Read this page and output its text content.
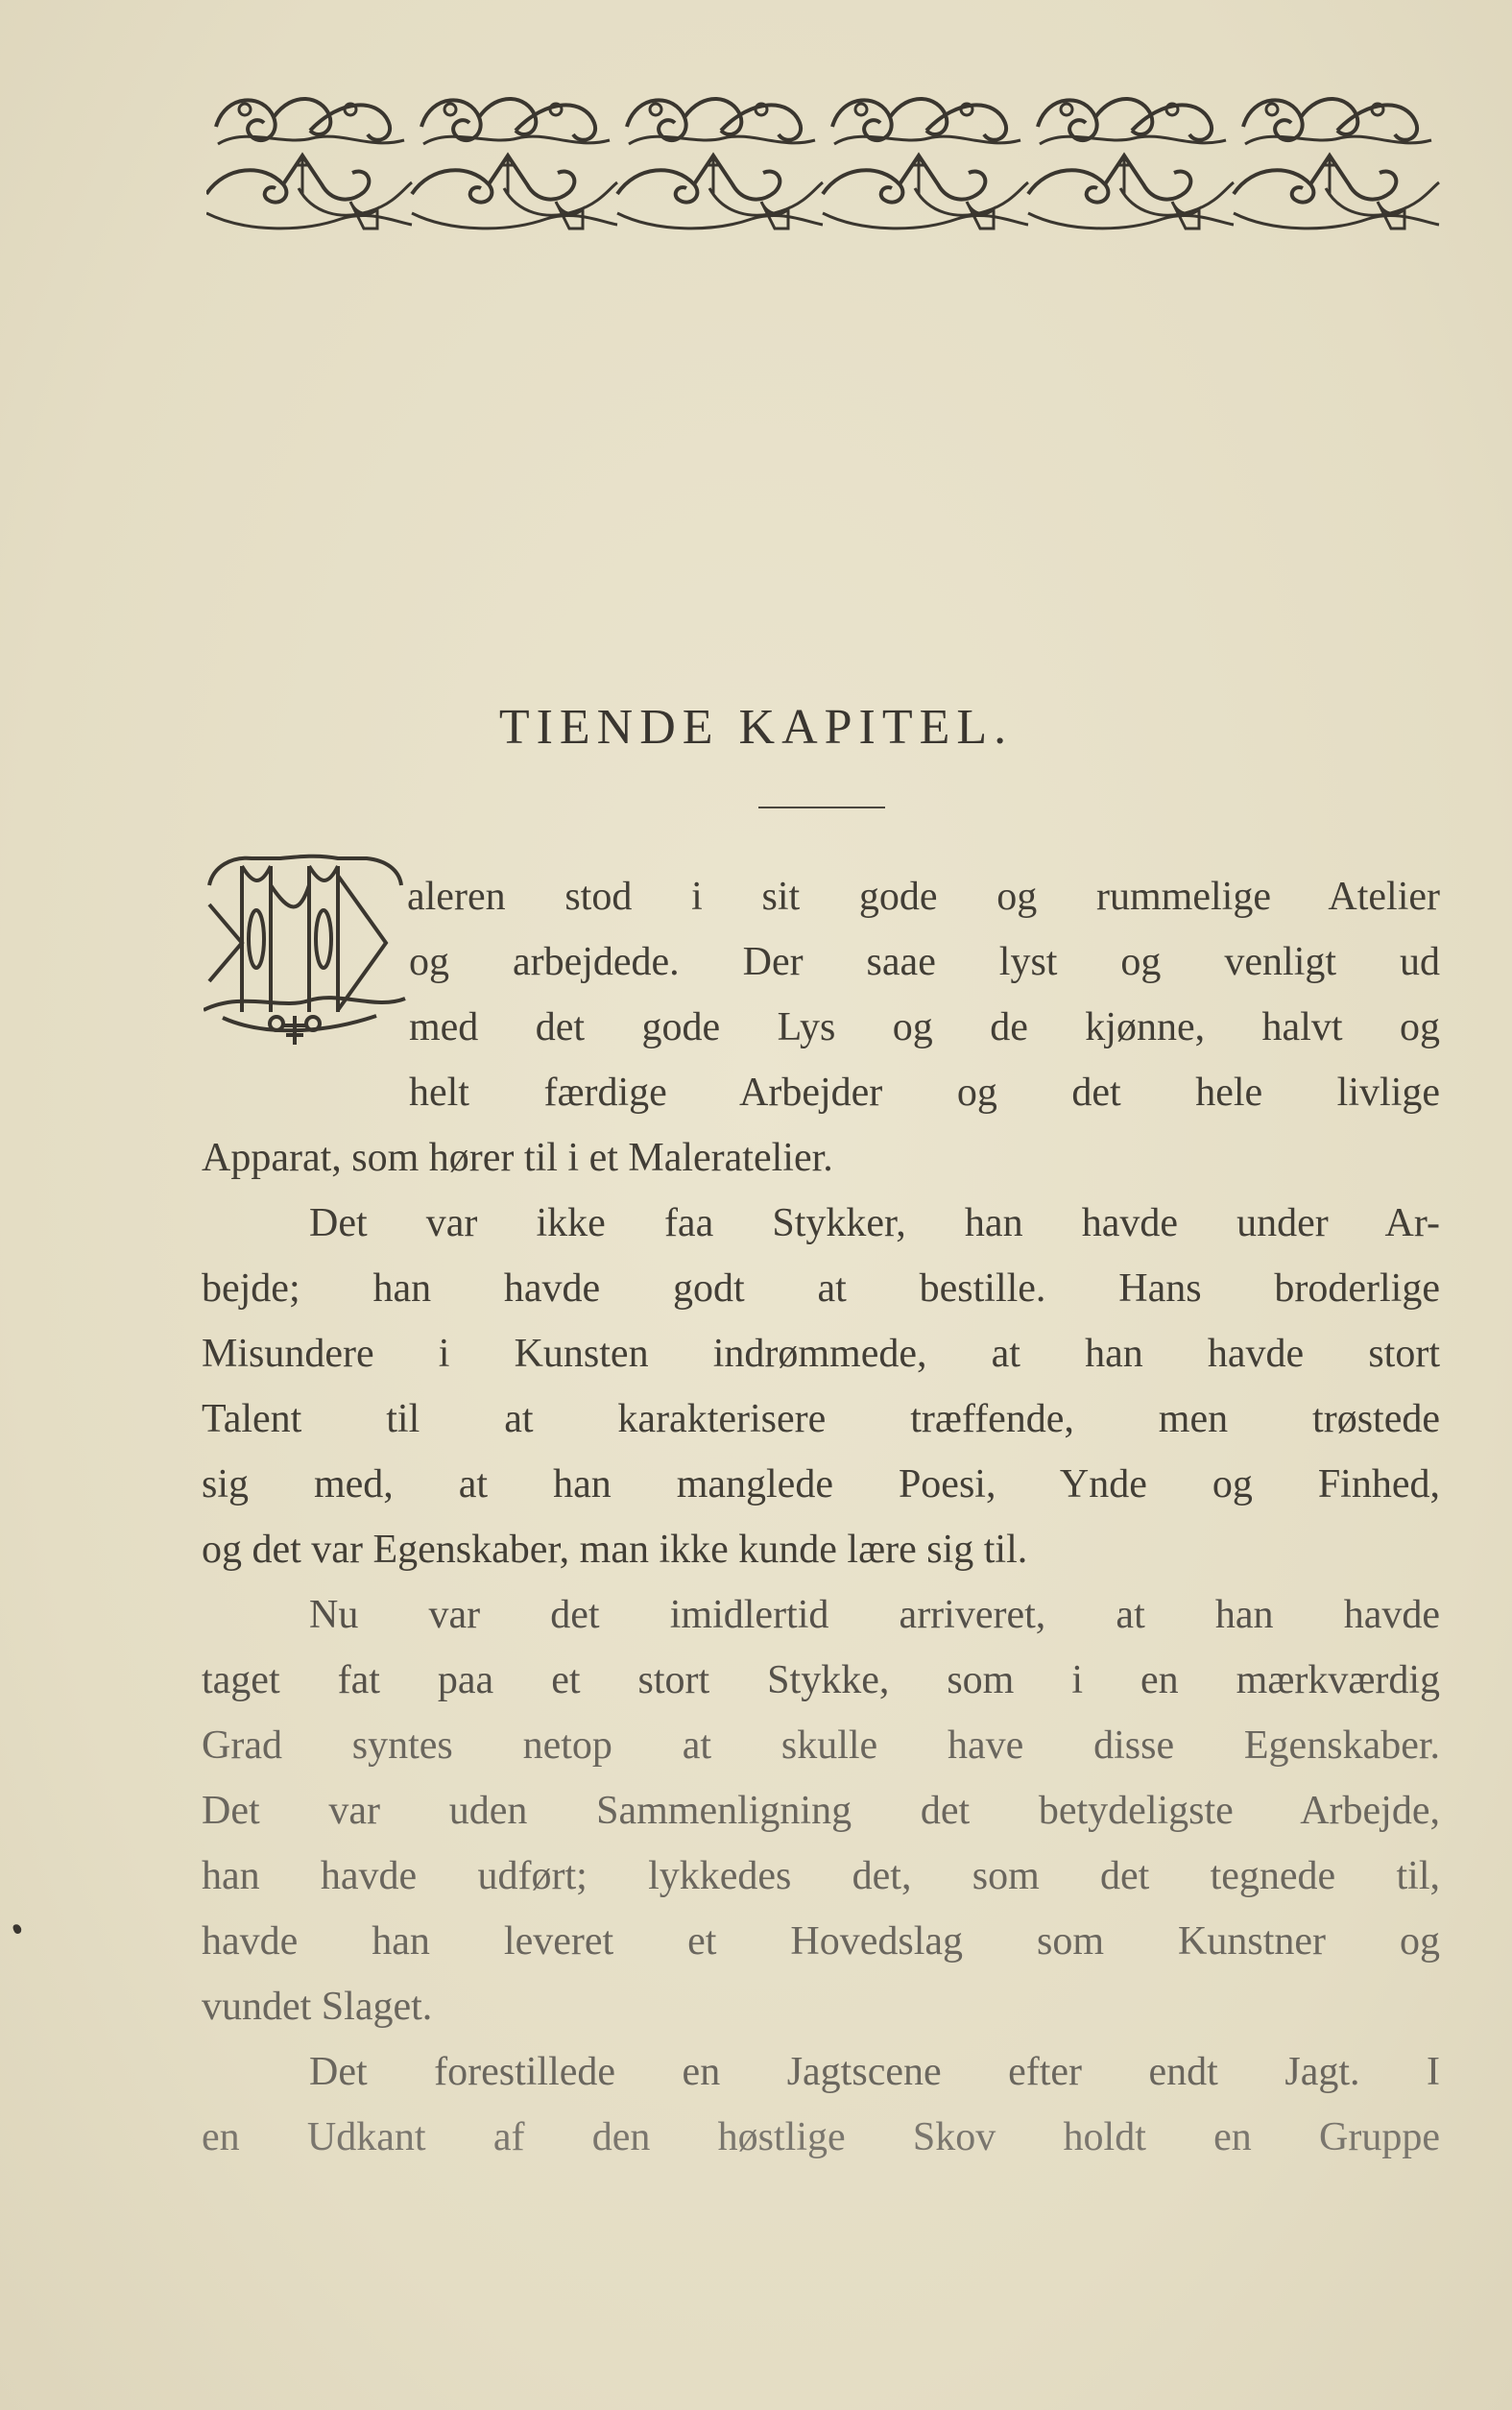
TIENDE KAPITEL.
aleren stod i sit gode og rummelige Atelier
og arbejdede. Der saae lyst og venligt ud
med det gode Lys og de kjønne, halvt og
helt færdige Arbejder og det hele livlige
Apparat, som hører til i et Maleratelier.
Det var ikke faa Stykker, han havde under Ar-
bejde; han havde godt at bestille. Hans broderlige
Misundere i Kunsten indrømmede, at han havde stort
Talent til at karakterisere træffende, men trøstede
sig med, at han manglede Poesi, Ynde og Finhed,
og det var Egenskaber, man ikke kunde lære sig til.
Nu var det imidlertid arriveret, at han havde
taget fat paa et stort Stykke, som i en mærkværdig
Grad syntes netop at skulle have disse Egenskaber.
Det var uden Sammenligning det betydeligste Arbejde,
han havde udført; lykkedes det, som det tegnede til,
havde han leveret et Hovedslag som Kunstner og
vundet Slaget.
Det forestillede en Jagtscene efter endt Jagt. I
en Udkant af den høstlige Skov holdt en Gruppe
